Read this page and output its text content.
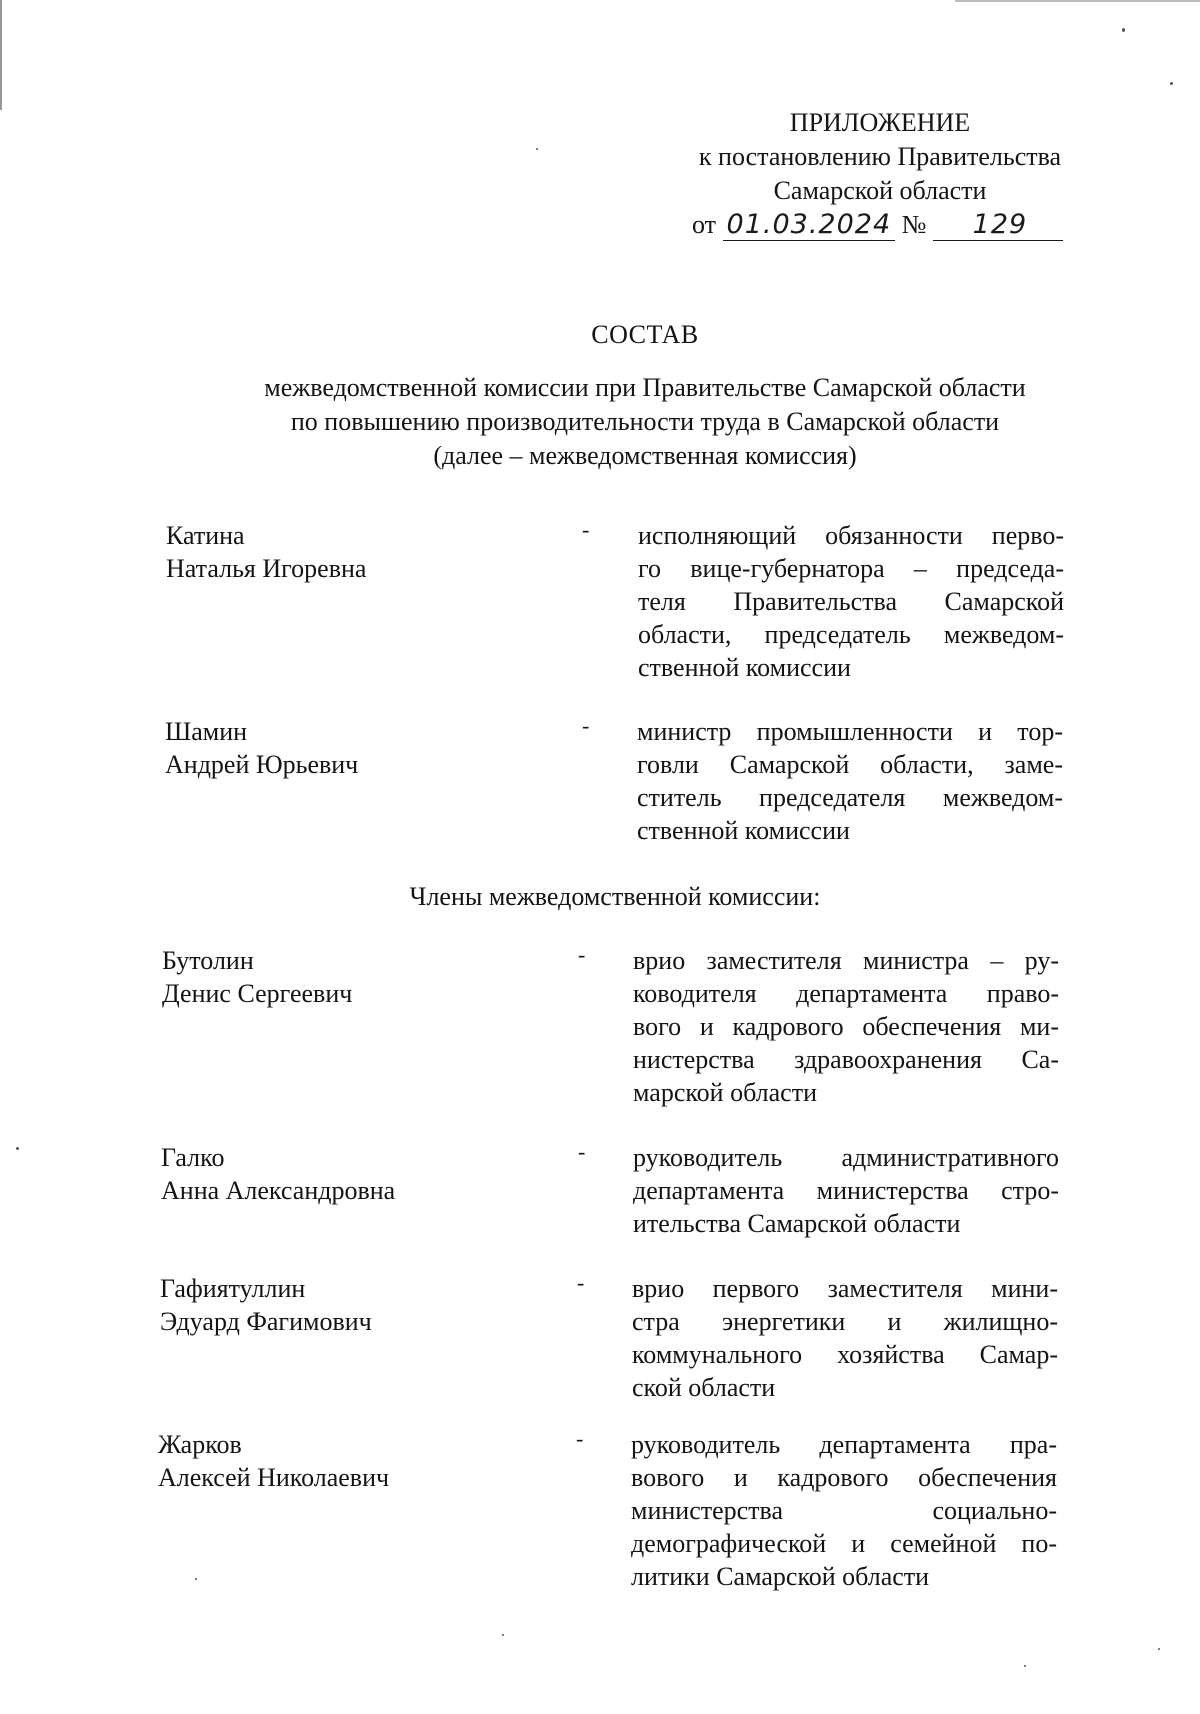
ПРИЛОЖЕНИЕ
к постановлению Правительства
Самарской области
от 01.03.2024 № 129
СОСТАВ
межведомственной комиссии при Правительстве Самарской области
по повышению производительности труда в Самарской области
(далее – межведомственная комиссия)
Катина
Наталья Игоревна
- исполняющий обязанности перво-
го вице-губернатора – председа-
теля Правительства Самарской
области, председатель межведом-
ственной комиссии
Шамин
Андрей Юрьевич
- министр промышленности и тор-
говли Самарской области, заме-
ститель председателя межведом-
ственной комиссии
Члены межведомственной комиссии:
Бутолин
Денис Сергеевич
- врио заместителя министра – ру-
ководителя департамента право-
вого и кадрового обеспечения ми-
нистерства здравоохранения Са-
марской области
Галко
Анна Александровна
- руководитель административного
департамента министерства стро-
ительства Самарской области
Гафиятуллин
Эдуард Фагимович
- врио первого заместителя мини-
стра энергетики и жилищно-
коммунального хозяйства Самар-
ской области
Жарков
Алексей Николаевич
- руководитель департамента пра-
вового и кадрового обеспечения
министерства социально-
демографической и семейной по-
литики Самарской области
